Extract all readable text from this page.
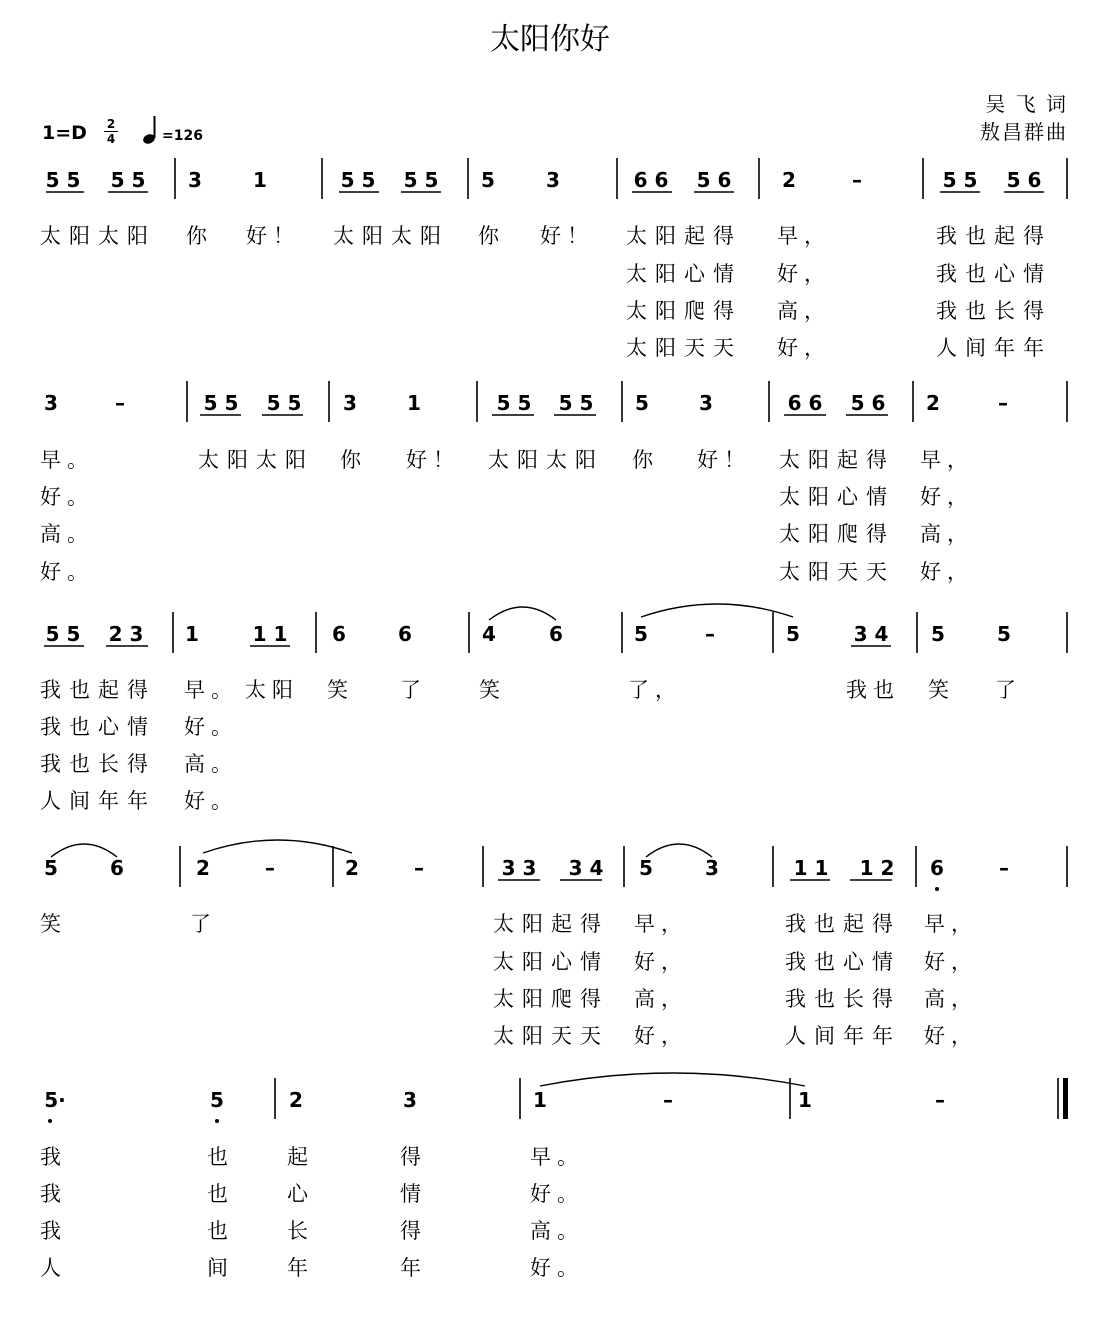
太阳你好
吴 飞 词
敖昌群曲
1=D 2
4	=126
5 5 5 5 3	1	5 5 5 5 5	3	6 6 5 6	2	–	5 5 5 6
3	–	5 5 5 5 3	1	5 5 5 5 5	3	6 6 5 6 2	–
5 5 2 3 1	1 1 6	6	4	6	5	–	5	3 4 5	5
5	6	2	–	2	–	3 3 3 4 5	3	1 1 1 2 6	–
5·	5	2	3	1	–	1	–
太阳太阳 你 好！ 太阳太阳 你 好！ 太阳起得 早，	我也起得
太阳心情 好，	我也心情
太阳爬得 高，	我也长得
太阳天天 好，	人间年年
早。	太阳太阳 你 好！ 太阳太阳 你 好！ 太阳起得 早，
好。	太阳心情 好，
高。	太阳爬得 高，
好。	太阳天天 好，
我也起得 早。 太阳 笑 了 笑	了，	我也 笑 了
我也心情 好。
我也长得 高。
人间年年 好。
笑	了	太阳起得 早，	我也起得 早，
太阳心情 好，	我也心情 好，
太阳爬得 高，	我也长得 高，
太阳天天 好，	人间年年 好，
我	也	起	得	早。
我	也	心	情	好。
我	也	长	得	高。
人	间	年	年	好。
